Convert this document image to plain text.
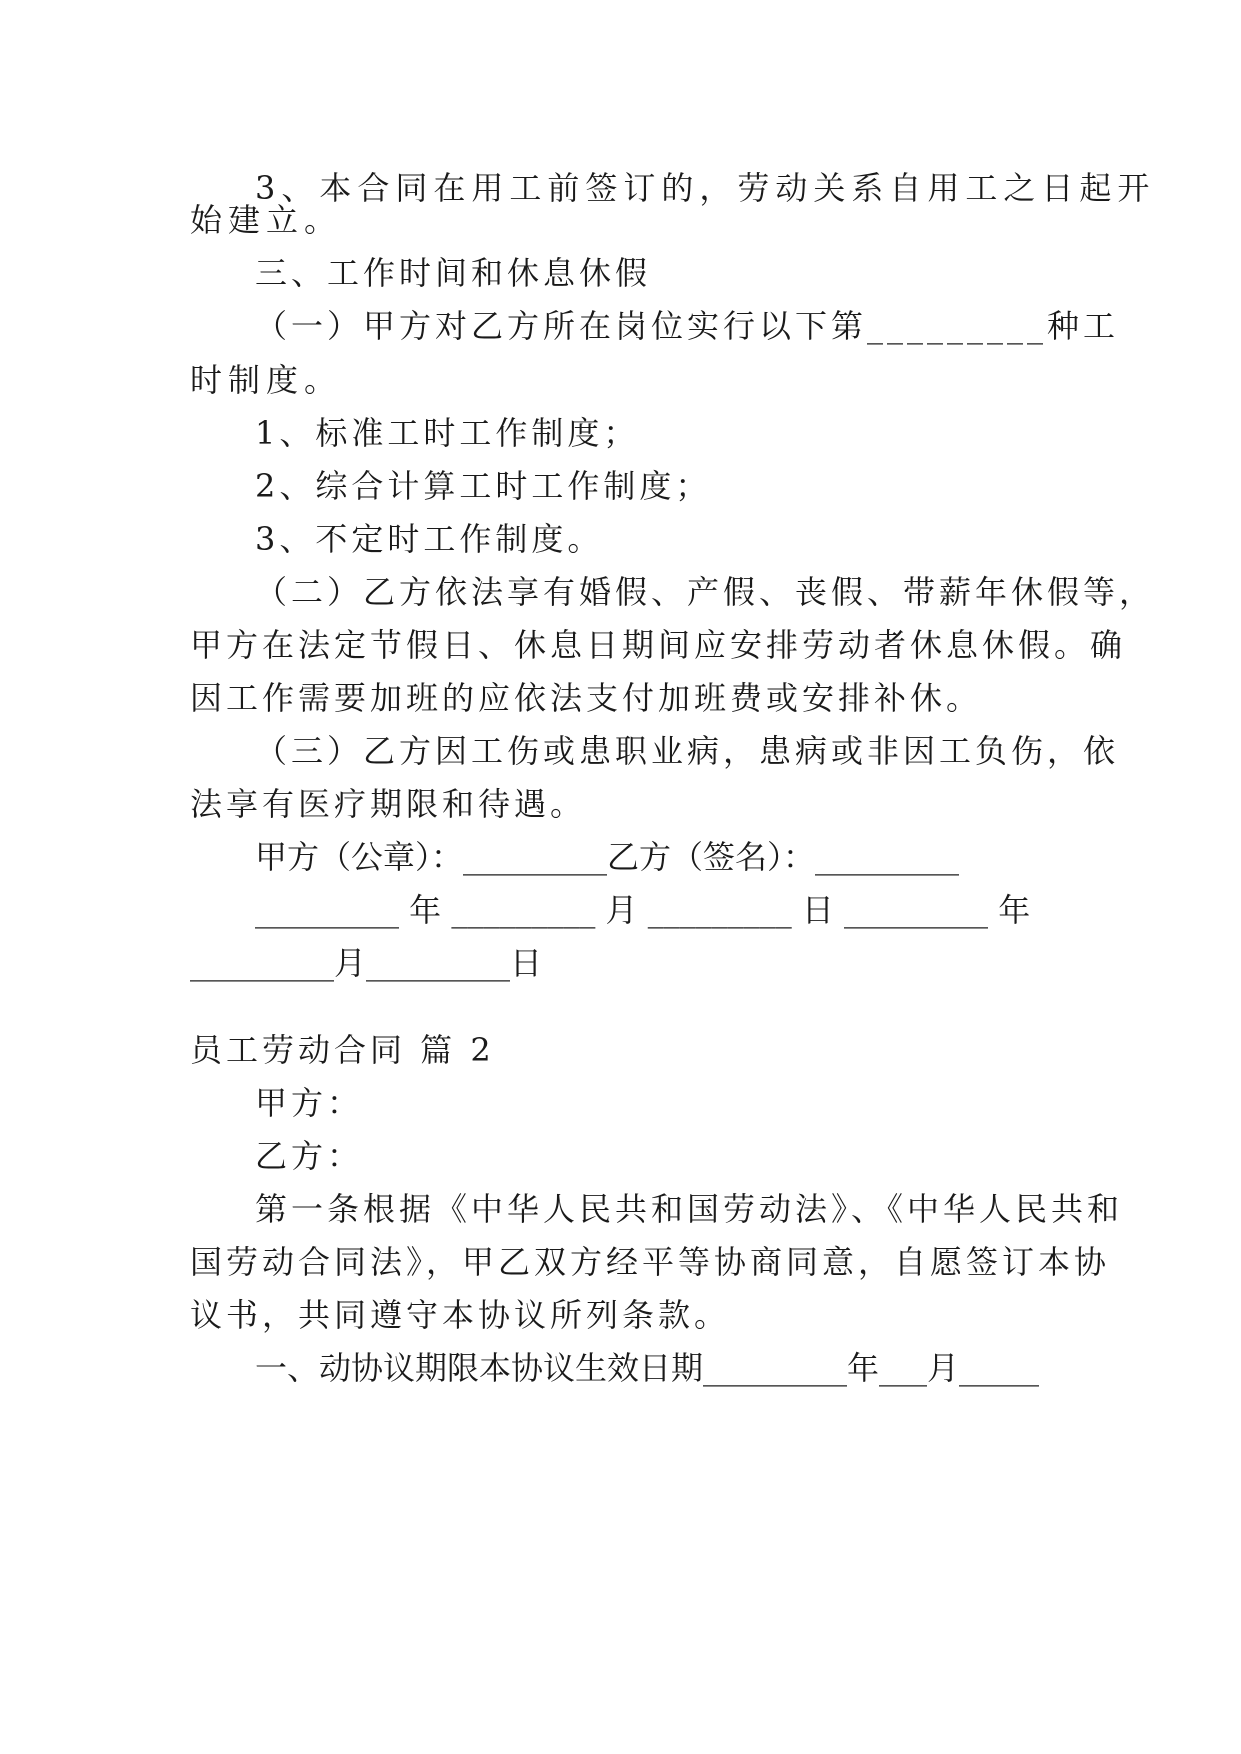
3、本合同在用工前签订的，劳动关系自用工之日起开

始建立。

三、工作时间和休息休假

（一）甲方对乙方所在岗位实行以下第_________种工

时制度。

1、标准工时工作制度；

2、综合计算工时工作制度；

3、不定时工作制度。

（二）乙方依法享有婚假、产假、丧假、带薪年休假等，

甲方在法定节假日、休息日期间应安排劳动者休息休假。确

因工作需要加班的应依法支付加班费或安排补休。

（三）乙方因工伤或患职业病，患病或非因工负伤，依

法享有医疗期限和待遇。

甲方（公章）：_________乙方（签名）：_________

_________ 年 _________ 月 _________ 日 _________ 年

_________月_________日

员工劳动合同 篇 2

甲方：

乙方：

第一条根据《中华人民共和国劳动法》、《中华人民共和

国劳动合同法》，甲乙双方经平等协商同意，自愿签订本协

议书，共同遵守本协议所列条款。

一、动协议期限本协议生效日期_________年___月_____
